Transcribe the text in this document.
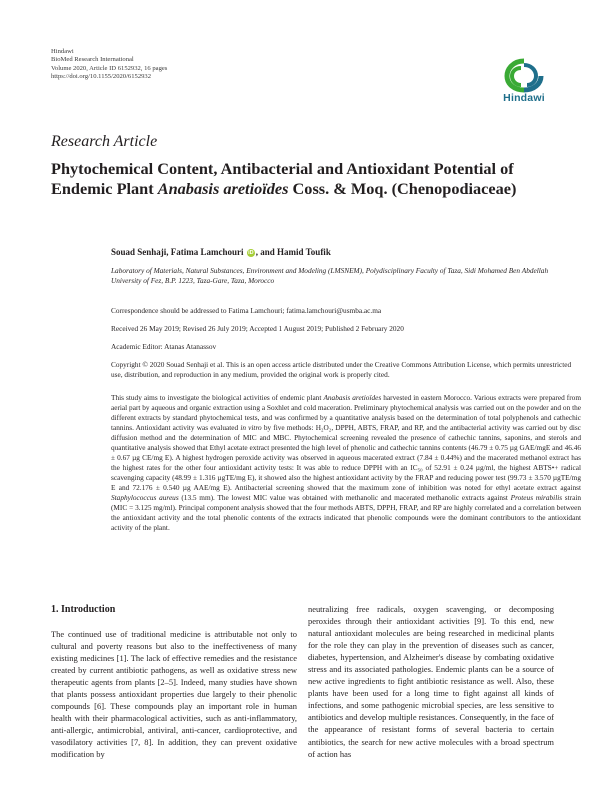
Hindawi
BioMed Research International
Volume 2020, Article ID 6152932, 16 pages
https://doi.org/10.1155/2020/6152932
Hindawi
Research Article
Phytochemical Content, Antibacterial and Antioxidant Potential of Endemic Plant Anabasis aretioïdes Coss. & Moq. (Chenopodiaceae)
Souad Senhaji, Fatima Lamchouri iD , and Hamid Toufik
Laboratory of Materials, Natural Substances, Environment and Modeling (LMSNEM), Polydisciplinary Faculty of Taza, Sidi Mohamed Ben Abdellah University of Fez, B.P. 1223, Taza-Gare, Taza, Morocco
Correspondence should be addressed to Fatima Lamchouri; fatima.lamchouri@usmba.ac.ma
Received 26 May 2019; Revised 26 July 2019; Accepted 1 August 2019; Published 2 February 2020
Academic Editor: Atanas Atanassov
Copyright © 2020 Souad Senhaji et al. This is an open access article distributed under the Creative Commons Attribution License, which permits unrestricted use, distribution, and reproduction in any medium, provided the original work is properly cited.
This study aims to investigate the biological activities of endemic plant Anabasis aretioïdes harvested in eastern Morocco. Various extracts were prepared from aerial part by aqueous and organic extraction using a Soxhlet and cold maceration. Preliminary phytochemical analysis was carried out on the powder and on the different extracts by standard phytochemical tests, and was confirmed by a quantitative analysis based on the determination of total polyphenols and cathechic tannins. Antioxidant activity was evaluated in vitro by five methods: H₂O₂, DPPH, ABTS, FRAP, and RP, and the antibacterial activity was carried out by disc diffusion method and the determination of MIC and MBC. Phytochemical screening revealed the presence of cathechic tannins, saponins, and sterols and quantitative analysis showed that Ethyl acetate extract presented the high level of phenolic and cathechic tannins contents (46.79 ± 0.75 µg GAE/mgE and 46.46 ± 0.67 µg CE/mg E). A highest hydrogen peroxide activity was observed in aqueous macerated extract (7.84 ± 0.44%) and the macerated methanol extract has the highest rates for the other four antioxidant activity tests: It was able to reduce DPPH with an IC₅₀ of 52.91 ± 0.24 µg/ml, the highest ABTS•+ radical scavenging capacity (48.99 ± 1.316 µgTE/mg E), it showed also the highest antioxidant activity by the FRAP and reducing power test (99.73 ± 3.570 µgTE/mg E and 72.176 ± 0.540 µg AAE/mg E). Antibacterial screening showed that the maximum zone of inhibition was noted for ethyl acetate extract against Staphylococcus aureus (13.5 mm). The lowest MIC value was obtained with methanolic and macerated methanolic extracts against Proteus mirabilis strain (MIC = 3.125 mg/ml). Principal component analysis showed that the four methods ABTS, DPPH, FRAP, and RP are highly correlated and a correlation between the antioxidant activity and the total phenolic contents of the extracts indicated that phenolic compounds were the dominant contributors to the antioxidant activity of the plant.
1. Introduction

The continued use of traditional medicine is attributable not only to cultural and poverty reasons but also to the ineffectiveness of many existing medicines [1]. The lack of effective remedies and the resistance created by current antibiotic pathogens, as well as oxidative stress new therapeutic agents from plants [2–5]. Indeed, many studies have shown that plants possess antioxidant properties due largely to their phenolic compounds [6]. These compounds play an important role in human health with their pharmacological activities, such as anti-inflammatory, anti-allergic, antimicrobial, antiviral, anti-cancer, cardioprotective, and vasodilatory activities [7, 8]. In addition, they can prevent oxidative modification by

neutralizing free radicals, oxygen scavenging, or decomposing peroxides through their antioxidant activities [9]. To this end, new natural antioxidant molecules are being researched in medicinal plants for the role they can play in the prevention of diseases such as cancer, diabetes, hypertension, and Alzheimer's disease by combating oxidative stress and its associated pathologies. Endemic plants can be a source of new active ingredients to fight antibiotic resistance as well. Also, these plants have been used for a long time to fight against all kinds of infections, and some pathogenic microbial species, are less sensitive to antibiotics and develop multiple resistances. Consequently, in the face of the appearance of resistant forms of several bacteria to certain antibiotics, the search for new active molecules with a broad spectrum of action has
